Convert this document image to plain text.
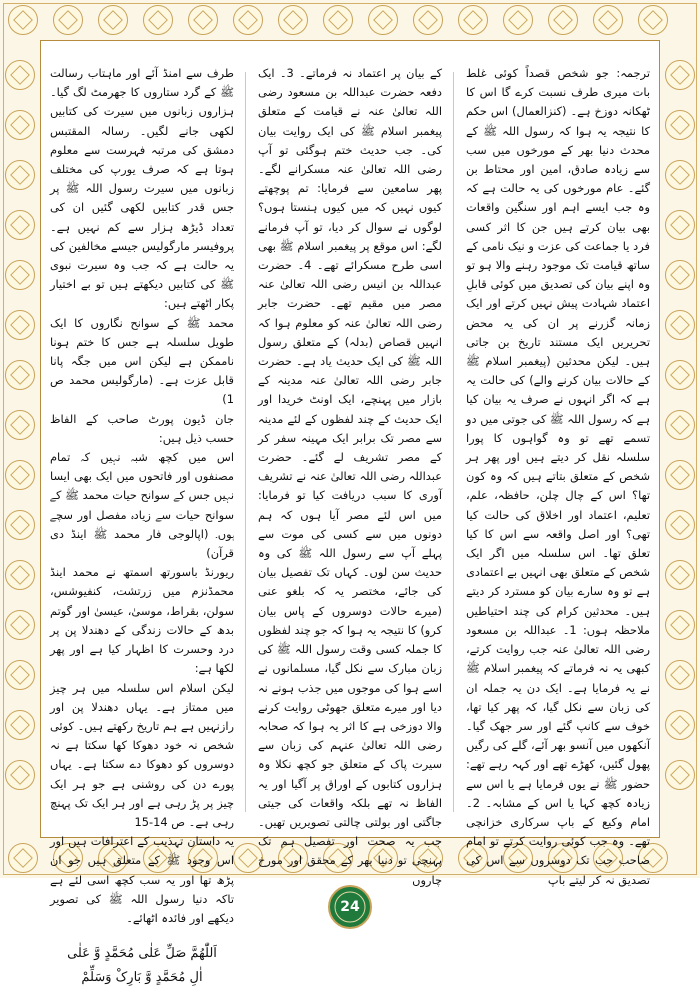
ترجمہ: جو شخص قصداً کوئی غلط بات میری طرف نسبت کرے گا اس کا ٹھکانہ دوزخ ہے۔ (کنزالعمال) اس حکم کا نتیجہ یہ ہوا کہ رسول اللہ ﷺ کے محدث دنیا بھر کے مورخوں میں سب سے زیادہ صادق، امین اور محتاط بن گئے۔ عام مورخوں کی یہ حالت ہے کہ وہ جب ایسے اہم اور سنگین واقعات بھی بیان کرتے ہیں جن کا اثر کسی فرد یا جماعت کی عزت و نیک نامی کے ساتھ قیامت تک موجود رہنے والا ہو تو وہ اپنے بیان کی تصدیق میں کوئی قابلِ اعتماد شہادت پیش نہیں کرتے اور ایک زمانہ گزرنے پر ان کی یہ محض تحریریں ایک مستند تاریخ بن جاتی ہیں۔ لیکن محدثین (پیغمبر اسلام ﷺ کے حالات بیان کرنے والے) کی حالت یہ ہے کہ اگر انہوں نے صرف یہ بیان کیا ہے کہ رسول اللہ ﷺ کی جوتی میں دو تسمے تھے تو وہ گواہوں کا پورا سلسلہ نقل کر دیتے ہیں اور پھر ہر شخص کے متعلق بتاتے ہیں کہ وہ کون تھا؟ اس کے چال چلن، حافظہ، علم، تعلیم، اعتماد اور اخلاق کی حالت کیا تھی؟ اور اصل واقعہ سے اس کا کیا تعلق تھا۔ اس سلسلہ میں اگر ایک شخص کے متعلق بھی انہیں بے اعتمادی ہے تو وہ سارے بیان کو مسترد کر دیتے ہیں۔ محدثین کرام کی چند احتیاطیں ملاحظہ ہوں: 1۔ عبداللہ بن مسعود رضی اللہ تعالیٰ عنہ جب روایت کرتے، کبھی یہ نہ فرماتے کہ پیغمبر اسلام ﷺ نے یہ فرمایا ہے۔ ایک دن یہ جملہ ان کی زبان سے نکل گیا، کہ پھر کیا تھا، خوف سے کانپ گئے اور سر جھک گیا۔ آنکھوں میں آنسو بھر آئے، گلے کی رگیں پھول گئیں، کھڑے تھے اور کہہ رہے تھے: حضور ﷺ نے یوں فرمایا ہے یا اس سے زیادہ کچھ کہا یا اس کے مشابہ۔ 2۔ امام وکیع کے باپ سرکاری خزانچی تھے۔ وہ جب کوئی روایت کرتے تو امام صاحب جب تک دوسروں سے اس کی تصدیق نہ کر لیتے باپ
کے بیان پر اعتماد نہ فرماتے۔ 3۔ ایک دفعہ حضرت عبداللہ بن مسعود رضی اللہ تعالیٰ عنہ نے قیامت کے متعلق پیغمبر اسلام ﷺ کی ایک روایت بیان کی۔ جب حدیث ختم ہوگئی تو آپ رضی اللہ تعالیٰ عنہ مسکرانے لگے۔ پھر سامعین سے فرمایا: تم پوچھتے کیوں نہیں کہ میں کیوں ہنستا ہوں؟ لوگوں نے سوال کر دیا، تو آپ فرمانے لگے: اس موقع پر پیغمبر اسلام ﷺ بھی اسی طرح مسکرائے تھے۔ 4۔ حضرت عبداللہ بن انیس رضی اللہ تعالیٰ عنہ مصر میں مقیم تھے۔ حضرت جابر رضی اللہ تعالیٰ عنہ کو معلوم ہوا کہ انہیں قصاص (بدلہ) کے متعلق رسول اللہ ﷺ کی ایک حدیث یاد ہے۔ حضرت جابر رضی اللہ تعالیٰ عنہ مدینہ کے بازار میں پہنچے، ایک اونٹ خریدا اور ایک حدیث کے چند لفظوں کے لئے مدینہ سے مصر تک برابر ایک مہینہ سفر کر کے مصر تشریف لے گئے۔ حضرت عبداللہ رضی اللہ تعالیٰ عنہ نے تشریف آوری کا سبب دریافت کیا تو فرمایا: میں اس لئے مصر آیا ہوں کہ ہم دونوں میں سے کسی کی موت سے پہلے آپ سے رسول اللہ ﷺ کی وہ حدیث سن لوں۔ کہاں تک تفصیل بیان کی جائے، مختصر یہ کہ بلغو عنی (میرے حالات دوسروں کے پاس بیان کرو) کا نتیجہ یہ ہوا کہ جو چند لفظوں کا جملہ کسی وقت رسول اللہ ﷺ کی زبان مبارک سے نکل گیا، مسلمانوں نے اسے ہوا کی موجوں میں جذب ہونے نہ دیا اور میرے متعلق جھوٹی روایت کرنے والا دوزخی ہے کا اثر یہ ہوا کہ صحابہ رضی اللہ تعالیٰ عنہم کی زبان سے سیرت پاک کے متعلق جو کچھ نکلا وہ ہزاروں کتابوں کے اوراق پر آگیا اور یہ الفاظ نہ تھے بلکہ واقعات کی جیتی جاگتی اور بولتی چالتی تصویریں تھیں۔ جب یہ صحت اور تفصیل ہم تک پہنچی تو دنیا بھر کے محقق اور مورخ چاروں
طرف سے امنڈ آئے اور ماہتاب رسالت ﷺ کے گرد ستاروں کا جھرمٹ لگ گیا۔ ہزاروں زبانوں میں سیرت کی کتابیں لکھی جانے لگیں۔ رسالہ المقتبس دمشق کی مرتبہ فہرست سے معلوم ہوتا ہے کہ صرف یورپ کی مختلف زبانوں میں سیرت رسول اللہ ﷺ پر جس قدر کتابیں لکھی گئیں ان کی تعداد ڈیڑھ ہزار سے کم نہیں ہے۔ پروفیسر مارگولیس جیسے مخالفین کی یہ حالت ہے کہ جب وہ سیرت نبوی ﷺ کی کتابیں دیکھتے ہیں تو بے اختیار پکار اٹھتے ہیں:
محمد ﷺ کے سوانح نگاروں کا ایک طویل سلسلہ ہے جس کا ختم ہونا ناممکن ہے لیکن اس میں جگہ پانا قابل عزت ہے۔ (مارگولیس محمد ص 1)
جان ڈیون پورٹ صاحب کے الفاظ حسب ذیل ہیں:
اس میں کچھ شبہ نہیں کہ تمام مصنفوں اور فاتحوں میں ایک بھی ایسا نہیں جس کے سوانح حیات محمد ﷺ کے سوانح حیات سے زیادہ مفصل اور سچے ہوں۔ (اپالوجی فار محمد ﷺ اینڈ دی قرآن)
ریورنڈ باسورتھ اسمتھ نے محمد اینڈ محمڈنزم میں زرتشت، کنفیوشس، سولن، بقراط، موسیٰ، عیسیٰ اور گوتم بدھ کے حالات زندگی کے دھندلا پن پر درد وحسرت کا اظہار کیا ہے اور پھر لکھا ہے:
لیکن اسلام اس سلسلہ میں ہر چیز میں ممتاز ہے۔ یہاں دھندلا پن اور رازنہیں ہے ہم تاریخ رکھتے ہیں۔ کوئی شخص نہ خود دھوکا کھا سکتا ہے نہ دوسروں کو دھوکا دے سکتا ہے۔ یہاں پورے دن کی روشنی ہے جو ہر ایک چیز پر پڑ رہی ہے اور ہر ایک تک پہنچ رہی ہے۔ ص 14-15
یہ داستان تہذیب کے اعترافات ہیں اور اس وجود ﷺ کے متعلق ہیں جو ان پڑھ تھا اور یہ سب کچھ اسی لئے ہے تاکہ دنیا رسول اللہ ﷺ کی تصویر دیکھے اور فائدہ اٹھائے۔
اَللّٰھُمَّ صَلِّ عَلٰی مُحَمَّدٍ وَّ عَلٰی
اٰلِ مُحَمَّدٍ وَّ بَارِکْ وَسَلِّمْ
24
